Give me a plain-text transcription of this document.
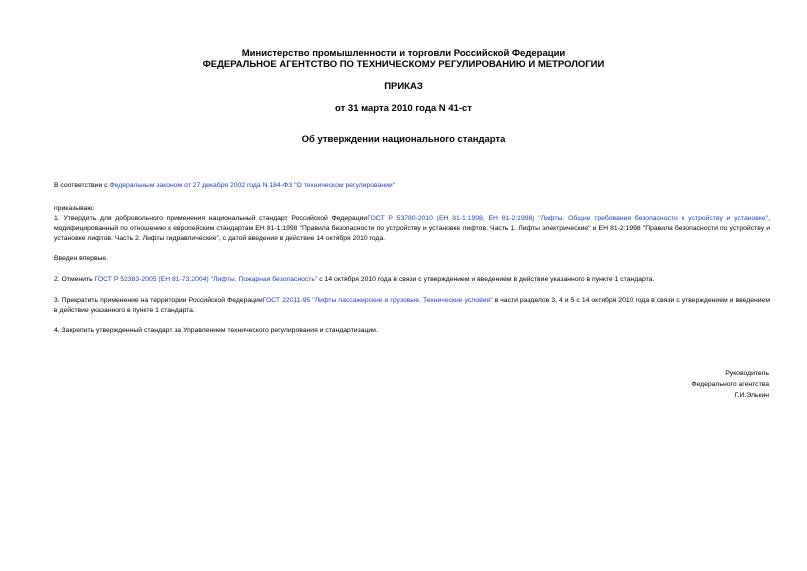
Министерство промышленности и торговли Российской Федерации
ФЕДЕРАЛЬНОЕ АГЕНТСТВО ПО ТЕХНИЧЕСКОМУ РЕГУЛИРОВАНИЮ И МЕТРОЛОГИИ
ПРИКАЗ
от 31 марта 2010 года N 41-ст
Об утверждении национального стандарта
В соответствии с Федеральным законом от 27 декабря 2002 года N 184-ФЗ "О техническом регулировании"
приказываю:
1. Утвердить для добровольного применения национальный стандарт Российской ФедерацииГОСТ Р 53780-2010 (ЕН 81-1:1998, ЕН 81-2:1998) "Лифты. Общие требования безопасности к устройству и установке", модифицированный по отношению к европейским стандартам ЕН 81-1:1998 "Правила безопасности по устройству и установке лифтов. Часть 1. Лифты электрические" и ЕН 81-2:1998 "Правила безопасности по устройству и установке лифтов. Часть 2. Лифты гидравлические", с датой введения в действие 14 октября 2010 года.
Введен впервые.
2. Отменить ГОСТ Р 52383-2005 (ЕН 81-73:2004) "Лифты. Пожарная безопасность" с 14 октября 2010 года в связи с утверждением и введением в действие указанного в пункте 1 стандарта.
3. Прекратить применение на территории Российской ФедерацииГОСТ 22011-95 "Лифты пассажирские и грузовые. Технические условия" в части разделов 3, 4 и 5 с 14 октября 2010 года в связи с утверждением и введением в действие указанного в пункте 1 стандарта.
4. Закрепить утвержденный стандарт за Управлением технического регулирования и стандартизации.
Руководитель
Федерального агентства
Г.И.Элькин
